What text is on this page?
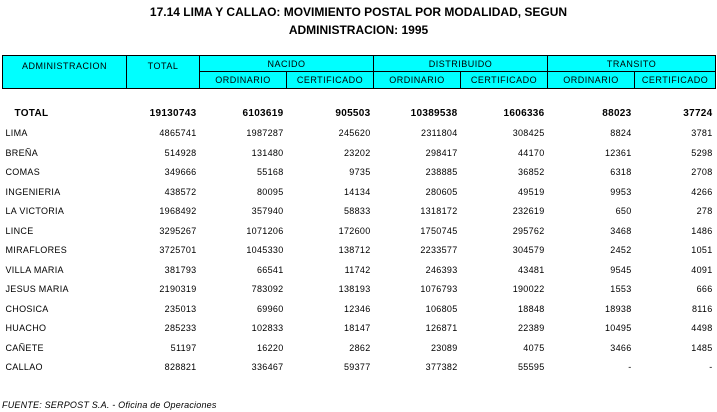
17.14 LIMA Y CALLAO: MOVIMIENTO POSTAL POR MODALIDAD, SEGUN
ADMINISTRACION: 1995
ADMINISTRACION	TOTAL	NACIDO		DISTRIBUIDO		TRANSITO	
		ORDINARIO	CERTIFICADO	ORDINARIO	CERTIFICADO	ORDINARIO	CERTIFICADO

TOTAL	19130743	6103619	905503	10389538	1606336	88023	37724
LIMA	4865741	1987287	245620	2311804	308425	8824	3781
BREÑA	514928	131480	23202	298417	44170	12361	5298
COMAS	349666	55168	9735	238885	36852	6318	2708
INGENIERIA	438572	80095	14134	280605	49519	9953	4266
LA VICTORIA	1968492	357940	58833	1318172	232619	650	278
LINCE	3295267	1071206	172600	1750745	295762	3468	1486
MIRAFLORES	3725701	1045330	138712	2233577	304579	2452	1051
VILLA MARIA	381793	66541	11742	246393	43481	9545	4091
JESUS MARIA	2190319	783092	138193	1076793	190022	1553	666
CHOSICA	235013	69960	12346	106805	18848	18938	8116
HUACHO	285233	102833	18147	126871	22389	10495	4498
CAÑETE	51197	16220	2862	23089	4075	3466	1485
CALLAO	828821	336467	59377	377382	55595	-	-
FUENTE: SERPOST S.A. - Oficina de Operaciones
